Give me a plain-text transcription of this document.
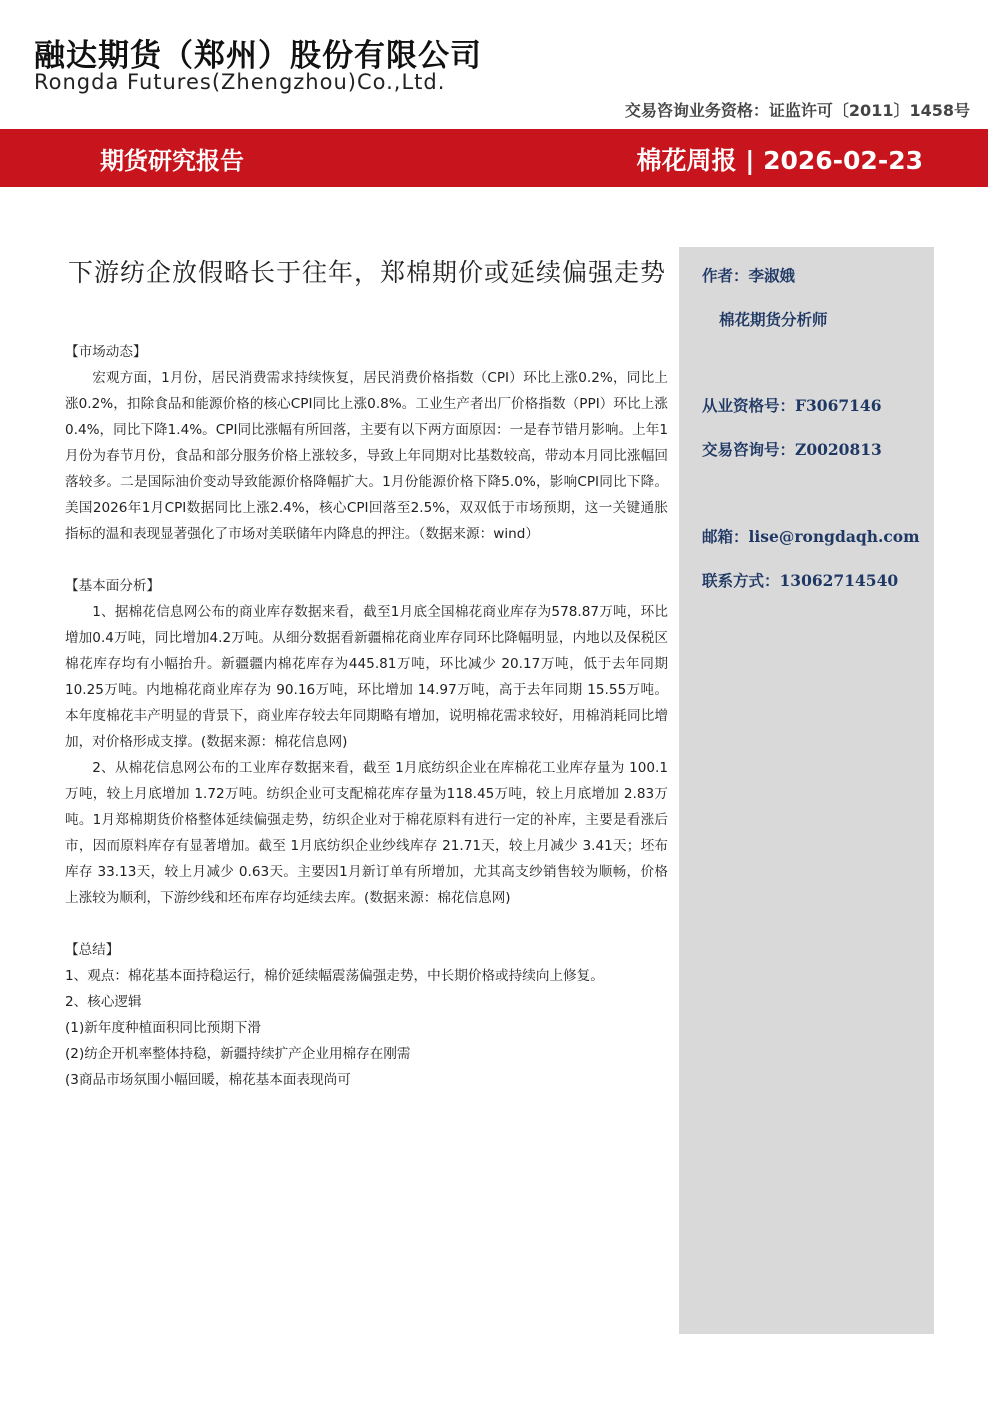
融达期货（郑州）股份有限公司
Rongda Futures(Zhengzhou)Co.,Ltd.
交易咨询业务资格：证监许可〔2011〕1458号
期货研究报告	棉花周报 | 2026-02-23
下游纺企放假略长于往年，郑棉期价或延续偏强走势

【市场动态】

宏观方面，1月份，居民消费需求持续恢复，居民消费价格指数（CPI）环比上涨0.2%，同比上涨0.2%，扣除食品和能源价格的核心CPI同比上涨0.8%。工业生产者出厂价格指数（PPI）环比上涨0.4%，同比下降1.4%。CPI同比涨幅有所回落，主要有以下两方面原因：一是春节错月影响。上年1月份为春节月份，食品和部分服务价格上涨较多，导致上年同期对比基数较高，带动本月同比涨幅回落较多。二是国际油价变动导致能源价格降幅扩大。1月份能源价格下降5.0%，影响CPI同比下降。美国2026年1月CPI数据同比上涨2.4%，核心CPI回落至2.5%，双双低于市场预期，这一关键通胀指标的温和表现显著强化了市场对美联储年内降息的押注。（数据来源：wind）

【基本面分析】

1、据棉花信息网公布的商业库存数据来看，截至1月底全国棉花商业库存为578.87万吨，环比增加0.4万吨，同比增加4.2万吨。从细分数据看新疆棉花商业库存同环比降幅明显，内地以及保税区棉花库存均有小幅抬升。新疆疆内棉花库存为445.81万吨，环比减少 20.17万吨，低于去年同期 10.25万吨。内地棉花商业库存为 90.16万吨，环比增加 14.97万吨，高于去年同期 15.55万吨。本年度棉花丰产明显的背景下，商业库存较去年同期略有增加，说明棉花需求较好，用棉消耗同比增加，对价格形成支撑。(数据来源：棉花信息网)

2、从棉花信息网公布的工业库存数据来看，截至 1月底纺织企业在库棉花工业库存量为 100.1万吨，较上月底增加 1.72万吨。纺织企业可支配棉花库存量为118.45万吨，较上月底增加 2.83万吨。1月郑棉期货价格整体延续偏强走势，纺织企业对于棉花原料有进行一定的补库，主要是看涨后市，因而原料库存有显著增加。截至 1月底纺织企业纱线库存 21.71天，较上月减少 3.41天；坯布库存 33.13天，较上月减少 0.63天。主要因1月新订单有所增加，尤其高支纱销售较为顺畅，价格上涨较为顺利，下游纱线和坯布库存均延续去库。(数据来源：棉花信息网)

【总结】

1、观点：棉花基本面持稳运行，棉价延续幅震荡偏强走势，中长期价格或持续向上修复。

2、核心逻辑

(1)新年度种植面积同比预期下滑

(2)纺企开机率整体持稳，新疆持续扩产企业用棉存在刚需

(3商品市场氛围小幅回暖，棉花基本面表现尚可

作者：李淑娥
棉花期货分析师
从业资格号：F3067146
交易咨询号：Z0020813
邮箱：lise@rongdaqh.com
联系方式：13062714540
